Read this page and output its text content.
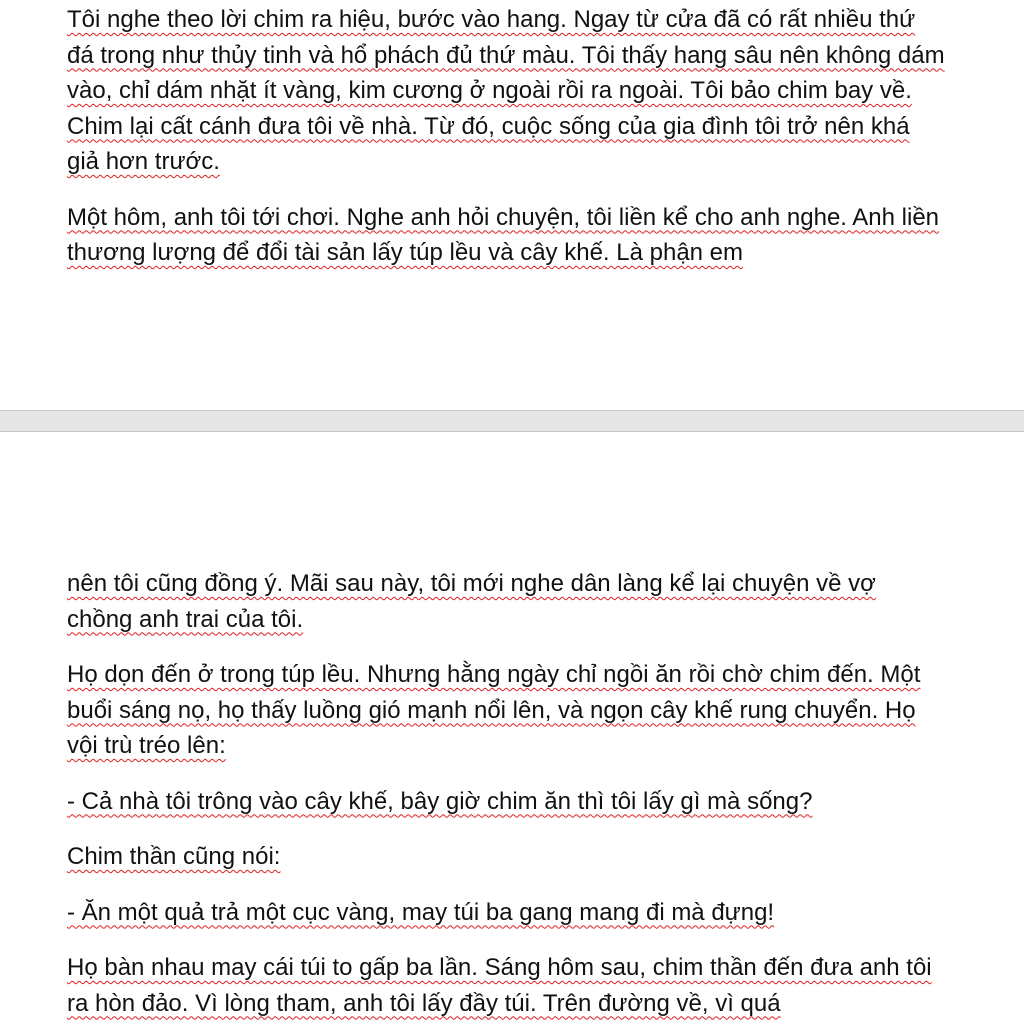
Tôi nghe theo lời chim ra hiệu, bước vào hang. Ngay từ cửa đã có rất nhiều thứ đá trong như thủy tinh và hổ phách đủ thứ màu. Tôi thấy hang sâu nên không dám vào, chỉ dám nhặt ít vàng, kim cương ở ngoài rồi ra ngoài. Tôi bảo chim bay về. Chim lại cất cánh đưa tôi về nhà. Từ đó, cuộc sống của gia đình tôi trở nên khá giả hơn trước.

Một hôm, anh tôi tới chơi. Nghe anh hỏi chuyện, tôi liền kể cho anh nghe. Anh liền thương lượng để đổi tài sản lấy túp lều và cây khế. Là phận em

nên tôi cũng đồng ý. Mãi sau này, tôi mới nghe dân làng kể lại chuyện về vợ chồng anh trai của tôi.

Họ dọn đến ở trong túp lều. Nhưng hằng ngày chỉ ngồi ăn rồi chờ chim đến. Một buổi sáng nọ, họ thấy luồng gió mạnh nổi lên, và ngọn cây khế rung chuyển. Họ vội trù tréo lên:

- Cả nhà tôi trông vào cây khế, bây giờ chim ăn thì tôi lấy gì mà sống?

Chim thần cũng nói:

- Ăn một quả trả một cục vàng, may túi ba gang mang đi mà đựng!

Họ bàn nhau may cái túi to gấp ba lần. Sáng hôm sau, chim thần đến đưa anh tôi ra hòn đảo. Vì lòng tham, anh tôi lấy đầy túi. Trên đường về, vì quá
